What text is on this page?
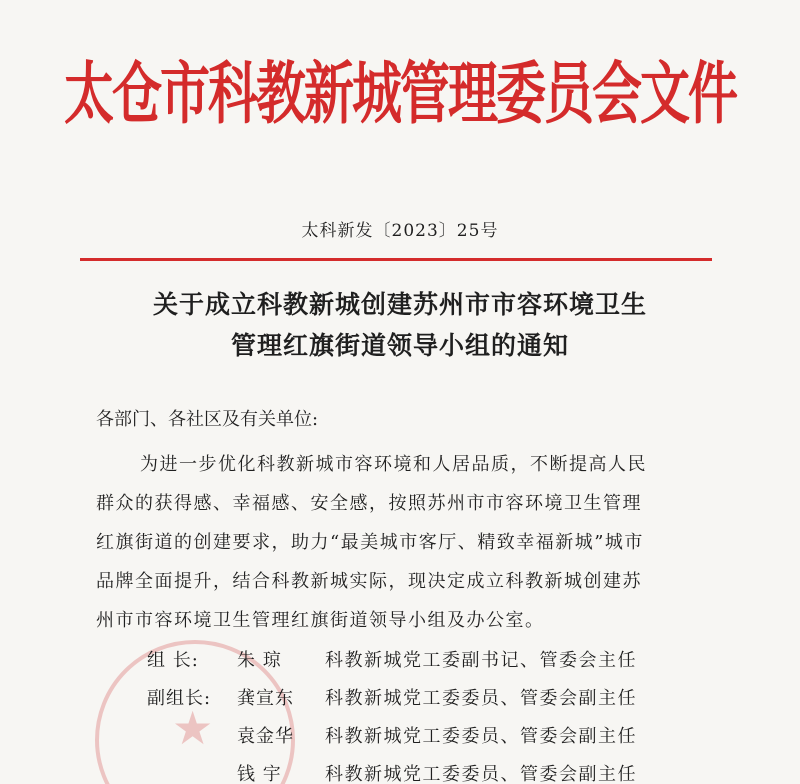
⠀⠀⠀⠀⠀⠀⠀⠀⠀⠀⠀⠀⠀⠀⠀⠀⠀
★
太仓市科教新城管理委员会文件
太科新发〔2023〕25号
关于成立科教新城创建苏州市市容环境卫生
管理红旗街道领导小组的通知
各部门、各社区及有关单位:
为进一步优化科教新城市容环境和人居品质，不断提高人民
群众的获得感、幸福感、安全感，按照苏州市市容环境卫生管理
红旗街道的创建要求，助力“最美城市客厅、精致幸福新城”城市
品牌全面提升，结合科教新城实际，现决定成立科教新城创建苏
州市市容环境卫生管理红旗街道领导小组及办公室。
组 长: 朱 琼 科教新城党工委副书记、管委会主任
副组长: 龚宣东 科教新城党工委委员、管委会副主任
袁金华 科教新城党工委委员、管委会副主任
钱 宇 科教新城党工委委员、管委会副主任
